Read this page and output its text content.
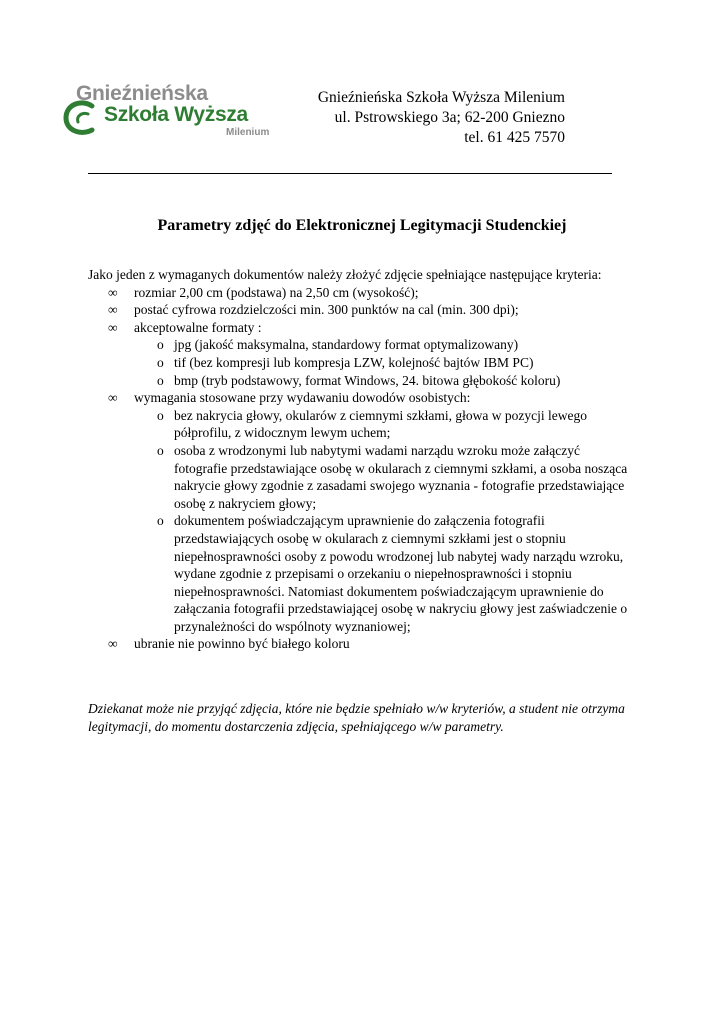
Gnieźnieńska
Szkoła Wyższa
Milenium
Gnieźnieńska Szkoła Wyższa Milenium
ul. Pstrowskiego 3a; 62-200 Gniezno
tel. 61 425 7570
Parametry zdjęć do Elektronicznej Legitymacji Studenckiej

Jako jeden z wymaganych dokumentów należy złożyć zdjęcie spełniające następujące kryteria:

∞	rozmiar 2,00 cm (podstawa) na 2,50 cm (wysokość);
∞	postać cyfrowa rozdzielczości min. 300 punktów na cal (min. 300 dpi);
∞	akceptowalne formaty :
o jpg (jakość maksymalna, standardowy format optymalizowany)
o tif (bez kompresji lub kompresja LZW, kolejność bajtów IBM PC)
o bmp (tryb podstawowy, format Windows, 24. bitowa głębokość koloru)
∞	wymagania stosowane przy wydawaniu dowodów osobistych:
o bez nakrycia głowy, okularów z ciemnymi szkłami, głowa w pozycji lewego półprofilu, z widocznym lewym uchem;
o osoba z wrodzonymi lub nabytymi wadami narządu wzroku może załączyć fotografie przedstawiające osobę w okularach z ciemnymi szkłami, a osoba nosząca nakrycie głowy zgodnie z zasadami swojego wyznania - fotografie przedstawiające osobę z nakryciem głowy;
o dokumentem poświadczającym uprawnienie do załączenia fotografii przedstawiających osobę w okularach z ciemnymi szkłami jest o stopniu niepełnosprawności osoby z powodu wrodzonej lub nabytej wady narządu wzroku, wydane zgodnie z przepisami o orzekaniu o niepełnosprawności i stopniu niepełnosprawności. Natomiast dokumentem poświadczającym uprawnienie do załączania fotografii przedstawiającej osobę w nakryciu głowy jest zaświadczenie o przynależności do wspólnoty wyznaniowej;
∞	ubranie nie powinno być białego koloru
Dziekanat może nie przyjąć zdjęcia, które nie będzie spełniało w/w kryteriów, a student nie otrzyma legitymacji, do momentu dostarczenia zdjęcia, spełniającego w/w parametry.
